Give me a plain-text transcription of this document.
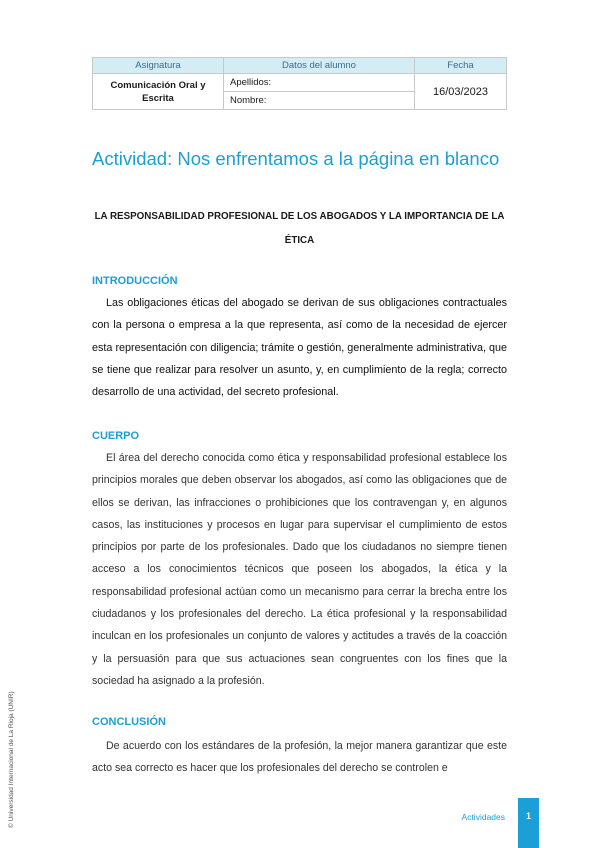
Asignatura	Datos del alumno	Fecha
Comunicación Oral y Escrita	Apellidos:	16/03/2023
	Nombre:	
Actividad: Nos enfrentamos a la página en blanco
LA RESPONSABILIDAD PROFESIONAL DE LOS ABOGADOS Y LA IMPORTANCIA DE LA ÉTICA
INTRODUCCIÓN

Las obligaciones éticas del abogado se derivan de sus obligaciones contractuales con la persona o empresa a la que representa, así como de la necesidad de ejercer esta representación con diligencia; trámite o gestión, generalmente administrativa, que se tiene que realizar para resolver un asunto, y, en cumplimiento de la regla; correcto desarrollo de una actividad, del secreto profesional.

CUERPO

El área del derecho conocida como ética y responsabilidad profesional establece los principios morales que deben observar los abogados, así como las obligaciones que de ellos se derivan, las infracciones o prohibiciones que los contravengan y, en algunos casos, las instituciones y procesos en lugar para supervisar el cumplimiento de estos principios por parte de los profesionales. Dado que los ciudadanos no siempre tienen acceso a los conocimientos técnicos que poseen los abogados, la ética y la responsabilidad profesional actúan como un mecanismo para cerrar la brecha entre los ciudadanos y los profesionales del derecho. La ética profesional y la responsabilidad inculcan en los profesionales un conjunto de valores y actitudes a través de la coacción y la persuasión para que sus actuaciones sean congruentes con los fines que la sociedad ha asignado a la profesión.

CONCLUSIÓN

De acuerdo con los estándares de la profesión, la mejor manera garantizar que este acto sea correcto es hacer que los profesionales del derecho se controlen e

© Universidad Internacional de La Rioja (UNIR)	Actividades	1
